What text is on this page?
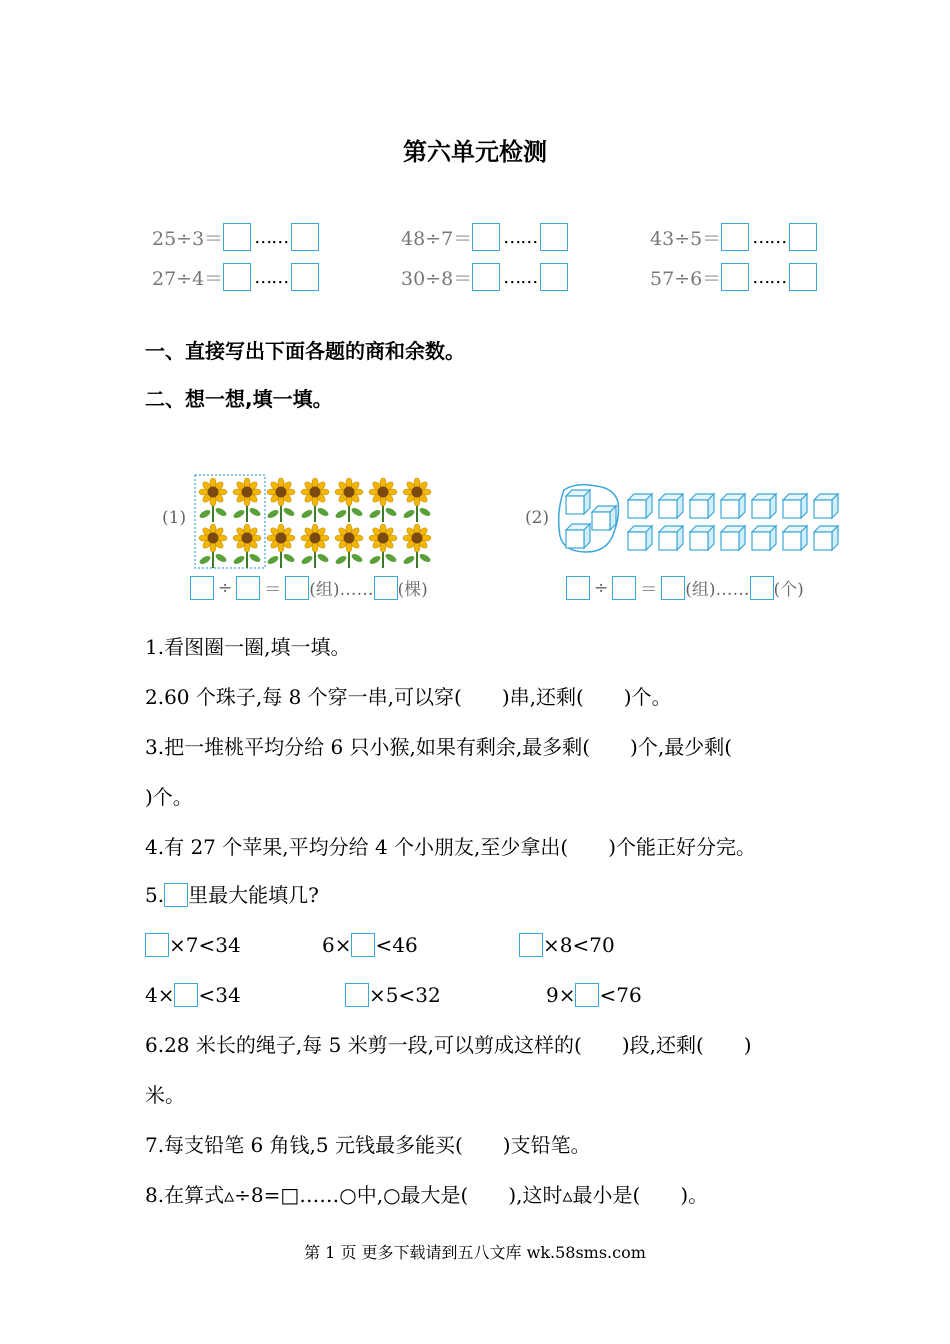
第六单元检测
25÷3＝ ……	48÷7＝ ……	43÷5＝ ……
27÷4＝ ……	30÷8＝ ……	57÷6＝ ……
一、直接写出下面各题的商和余数。
二、想一想,填一填。
(1)
÷ ＝ (组)…… (棵)
(2)
÷ ＝ (组)…… (个)
1.看图圈一圈,填一填。
2.60 个珠子,每 8 个穿一串,可以穿(　　)串,还剩(　　)个。
3.把一堆桃平均分给 6 只小猴,如果有剩余,最多剩(　　)个,最少剩(
)个。
4.有 27 个苹果,平均分给 4 个小朋友,至少拿出(　　)个能正好分完。
5. 里最大能填几?
×7<34	6× <46	×8<70
4× <34	×5<32	9× <76
6.28 米长的绳子,每 5 米剪一段,可以剪成这样的(　　)段,还剩(　　)
米。
7.每支铅笔 6 角钱,5 元钱最多能买(　　)支铅笔。
8.在算式▵÷8=□……○中,○最大是(　　),这时▵最小是(　　)。
第 1 页 更多下载请到五八文库 wk.58sms.com
